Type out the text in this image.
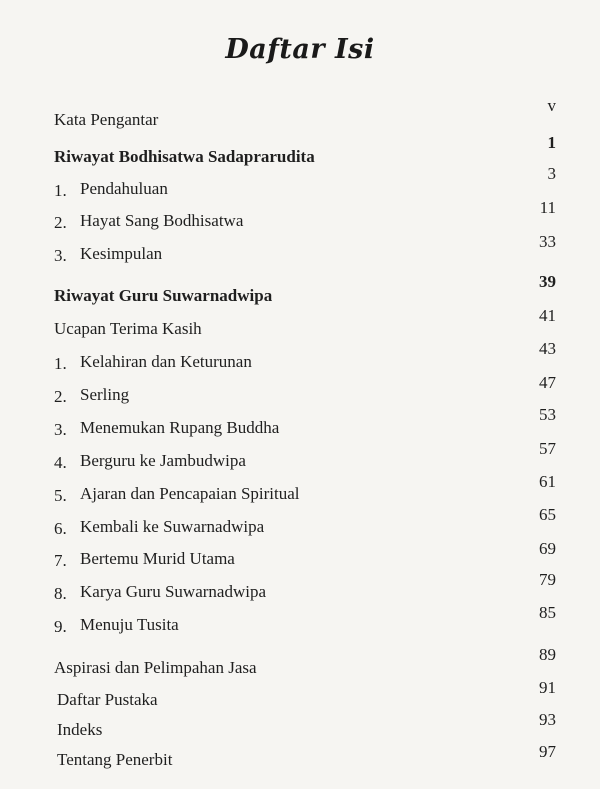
Daftar Isi
Kata Pengantar
v
Riwayat Bodhisatwa Sadaprarudita
1
1. Pendahuluan
3
2. Hayat Sang Bodhisatwa
11
3. Kesimpulan
33
Riwayat Guru Suwarnadwipa
39
Ucapan Terima Kasih
41
1. Kelahiran dan Keturunan
43
2. Serling
47
3. Menemukan Rupang Buddha
53
4. Berguru ke Jambudwipa
57
5. Ajaran dan Pencapaian Spiritual
61
6. Kembali ke Suwarnadwipa
65
7. Bertemu Murid Utama
69
8. Karya Guru Suwarnadwipa
79
9. Menuju Tusita
85
Aspirasi dan Pelimpahan Jasa
89
Daftar Pustaka
91
Indeks
93
Tentang Penerbit	97
